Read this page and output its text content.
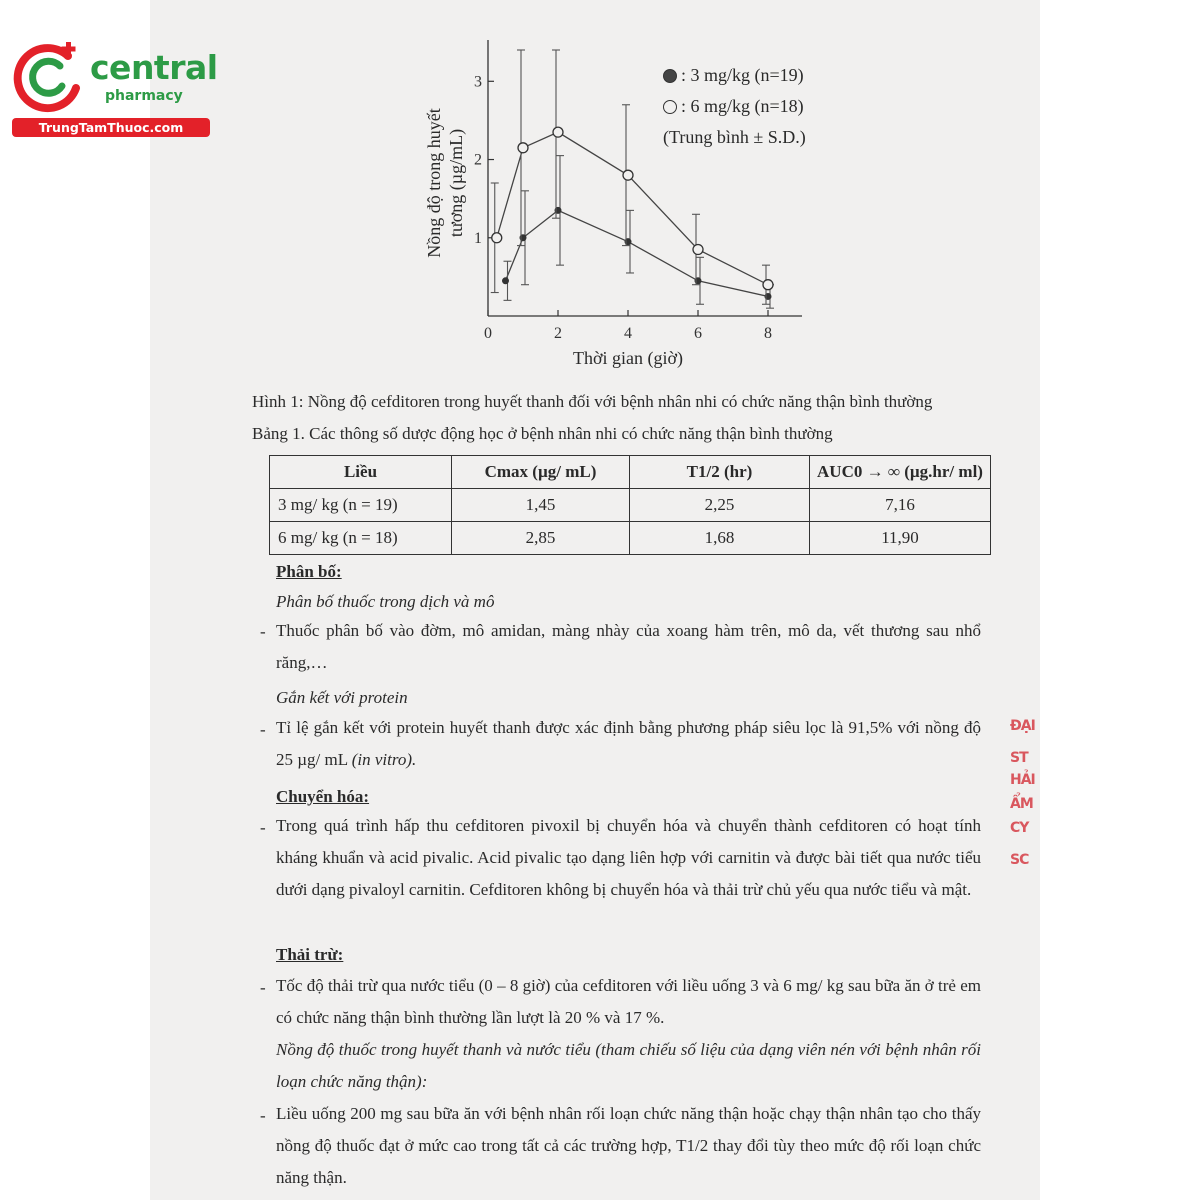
central
pharmacy
TrungTamThuoc.com
ĐẠI
ST
HẢI
ẨM
CY
SC
0	2	4	6	8
1
2
3
Thời gian (giờ)
Nồng độ trong huyết tương (µg/mL)
: 3 mg/kg (n=19)
: 6 mg/kg (n=18)
(Trung bình ± S.D.)
Hình 1: Nồng độ cefditoren trong huyết thanh đối với bệnh nhân nhi có chức năng thận bình thường
Bảng 1. Các thông số dược động học ở bệnh nhân nhi có chức năng thận bình thường
Liều	Cmax (µg/ mL)	T1/2 (hr)	AUC0 → ∞ (µg.hr/ ml)
3 mg/ kg (n = 19)	1,45	2,25	7,16
6 mg/ kg (n = 18)	2,85	1,68	11,90
Phân bố:
Phân bố thuốc trong dịch và mô
- Thuốc phân bố vào đờm, mô amidan, màng nhày của xoang hàm trên, mô da, vết thương sau nhổ răng,…
Gắn kết với protein
- Tỉ lệ gắn kết với protein huyết thanh được xác định bằng phương pháp siêu lọc là 91,5% với nồng độ 25 µg/ mL (in vitro).
Chuyển hóa:
- Trong quá trình hấp thu cefditoren pivoxil bị chuyển hóa và chuyển thành cefditoren có hoạt tính kháng khuẩn và acid pivalic. Acid pivalic tạo dạng liên hợp với carnitin và được bài tiết qua nước tiểu dưới dạng pivaloyl carnitin. Cefditoren không bị chuyển hóa và thải trừ chủ yếu qua nước tiểu và mật.
Thải trừ:
- Tốc độ thải trừ qua nước tiểu (0 – 8 giờ) của cefditoren với liều uống 3 và 6 mg/ kg sau bữa ăn ở trẻ em có chức năng thận bình thường lần lượt là 20 % và 17 %.
Nồng độ thuốc trong huyết thanh và nước tiểu (tham chiếu số liệu của dạng viên nén với bệnh nhân rối loạn chức năng thận):
- Liều uống 200 mg sau bữa ăn với bệnh nhân rối loạn chức năng thận hoặc chạy thận nhân tạo cho thấy nồng độ thuốc đạt ở mức cao trong tất cả các trường hợp, T1/2 thay đổi tùy theo mức độ rối loạn chức năng thận.
